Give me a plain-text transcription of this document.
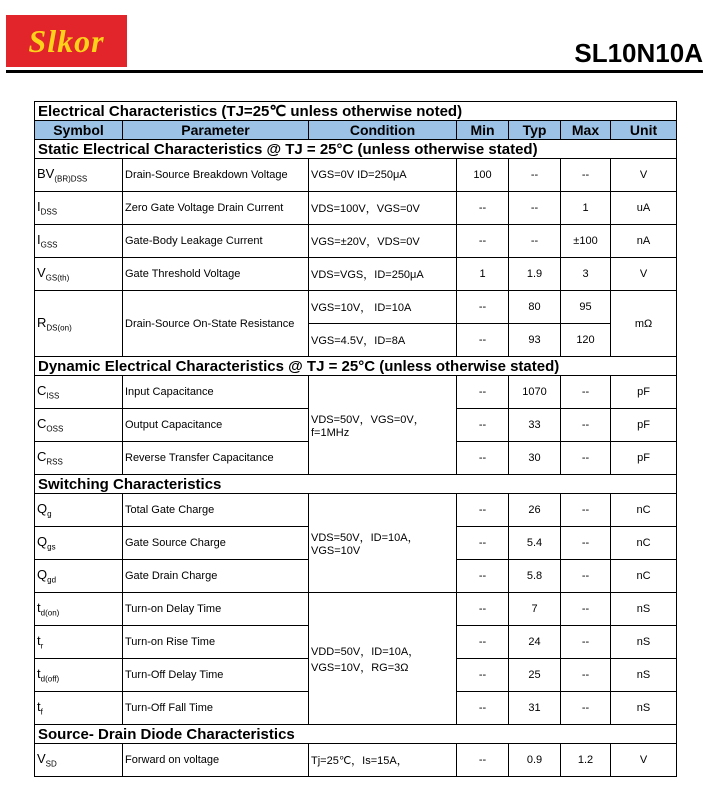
Slkor	SL10N10A
Electrical Characteristics (TJ=25℃ unless otherwise noted)						
Symbol	Parameter	Condition	Min	Typ	Max	Unit
Static Electrical Characteristics @ TJ = 25°C (unless otherwise stated)						
$BV_{(BR)DSS}$	Drain-Source Breakdown Voltage	VGS=0V ID=250μA	100	--	--	V
$I_{DSS}$	Zero Gate Voltage Drain Current	VDS=100V，VGS=0V	--	--	1	uA
$I_{GSS}$	Gate-Body Leakage Current	VGS=±20V，VDS=0V	--	--	±100	nA
$V_{GS(th)}$	Gate Threshold Voltage	VDS=VGS，ID=250μA	1	1.9	3	V
$R_{DS(on)}$	Drain-Source On-State Resistance	VGS=10V， ID=10A	--	80	95	mΩ
		VGS=4.5V，ID=8A	--	93	120	
Dynamic Electrical Characteristics @ TJ = 25°C (unless otherwise stated)						
$C_{ISS}$	Input Capacitance	VDS=50V，VGS=0V，f=1MHz	--	1070	--	pF
$C_{OSS}$	Output Capacitance		--	33	--	pF
$C_{RSS}$	Reverse Transfer Capacitance		--	30	--	pF
Switching Characteristics						
$Q_g$	Total Gate Charge	VDS=50V，ID=10A，VGS=10V	--	26	--	nC
$Q_{gs}$	Gate Source Charge		--	5.4	--	nC
$Q_{gd}$	Gate Drain Charge		--	5.8	--	nC
$t_{d(on)}$	Turn-on Delay Time	VDD=50V，ID=10A，VGS=10V，RG=3Ω	--	7	--	nS
$t_r$	Turn-on Rise Time		--	24	--	nS
$t_{d(off)}$	Turn-Off Delay Time		--	25	--	nS
$t_f$	Turn-Off Fall Time		--	31	--	nS
Source- Drain Diode Characteristics						
$V_{SD}$	Forward on voltage	Tj=25℃，Is=15A，	--	0.9	1.2	V
